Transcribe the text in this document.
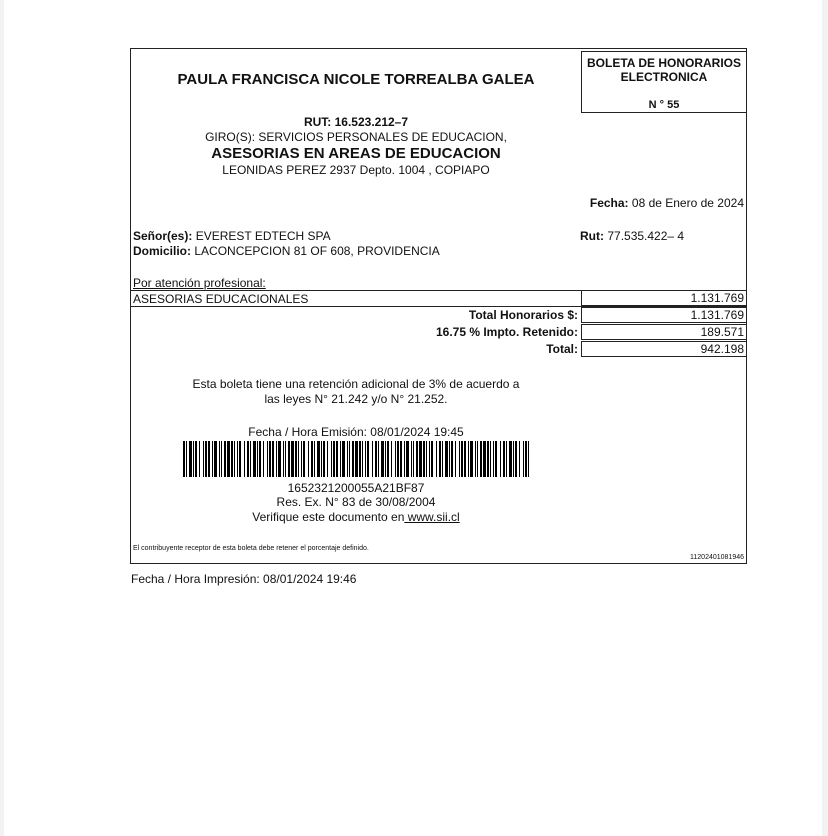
PAULA FRANCISCA NICOLE TORREALBA GALEA
BOLETA DE HONORARIOS
ELECTRONICA
N ° 55
RUT: 16.523.212–7
GIRO(S): SERVICIOS PERSONALES DE EDUCACION,
ASESORIAS EN AREAS DE EDUCACION
LEONIDAS PEREZ 2937 Depto. 1004 , COPIAPO
Fecha: 08 de Enero de 2024
Señor(es): EVEREST EDTECH SPA
Domicilio: LACONCEPCION 81 OF 608, PROVIDENCIA
Rut: 77.535.422– 4
Por atención profesional:
ASESORIAS EDUCACIONALES	1.131.769
Total Honorarios $:	1.131.769
16.75 % Impto. Retenido:	189.571
Total:	942.198
Esta boleta tiene una retención adicional de 3% de acuerdo a
las leyes N° 21.242 y/o N° 21.252.
Fecha / Hora Emisión: 08/01/2024 19:45
1652321200055A21BF87
Res. Ex. N° 83 de 30/08/2004
Verifique este documento en www.sii.cl
El contribuyente receptor de esta boleta debe retener el porcentaje definido.
11202401081946
Fecha / Hora Impresión: 08/01/2024 19:46
